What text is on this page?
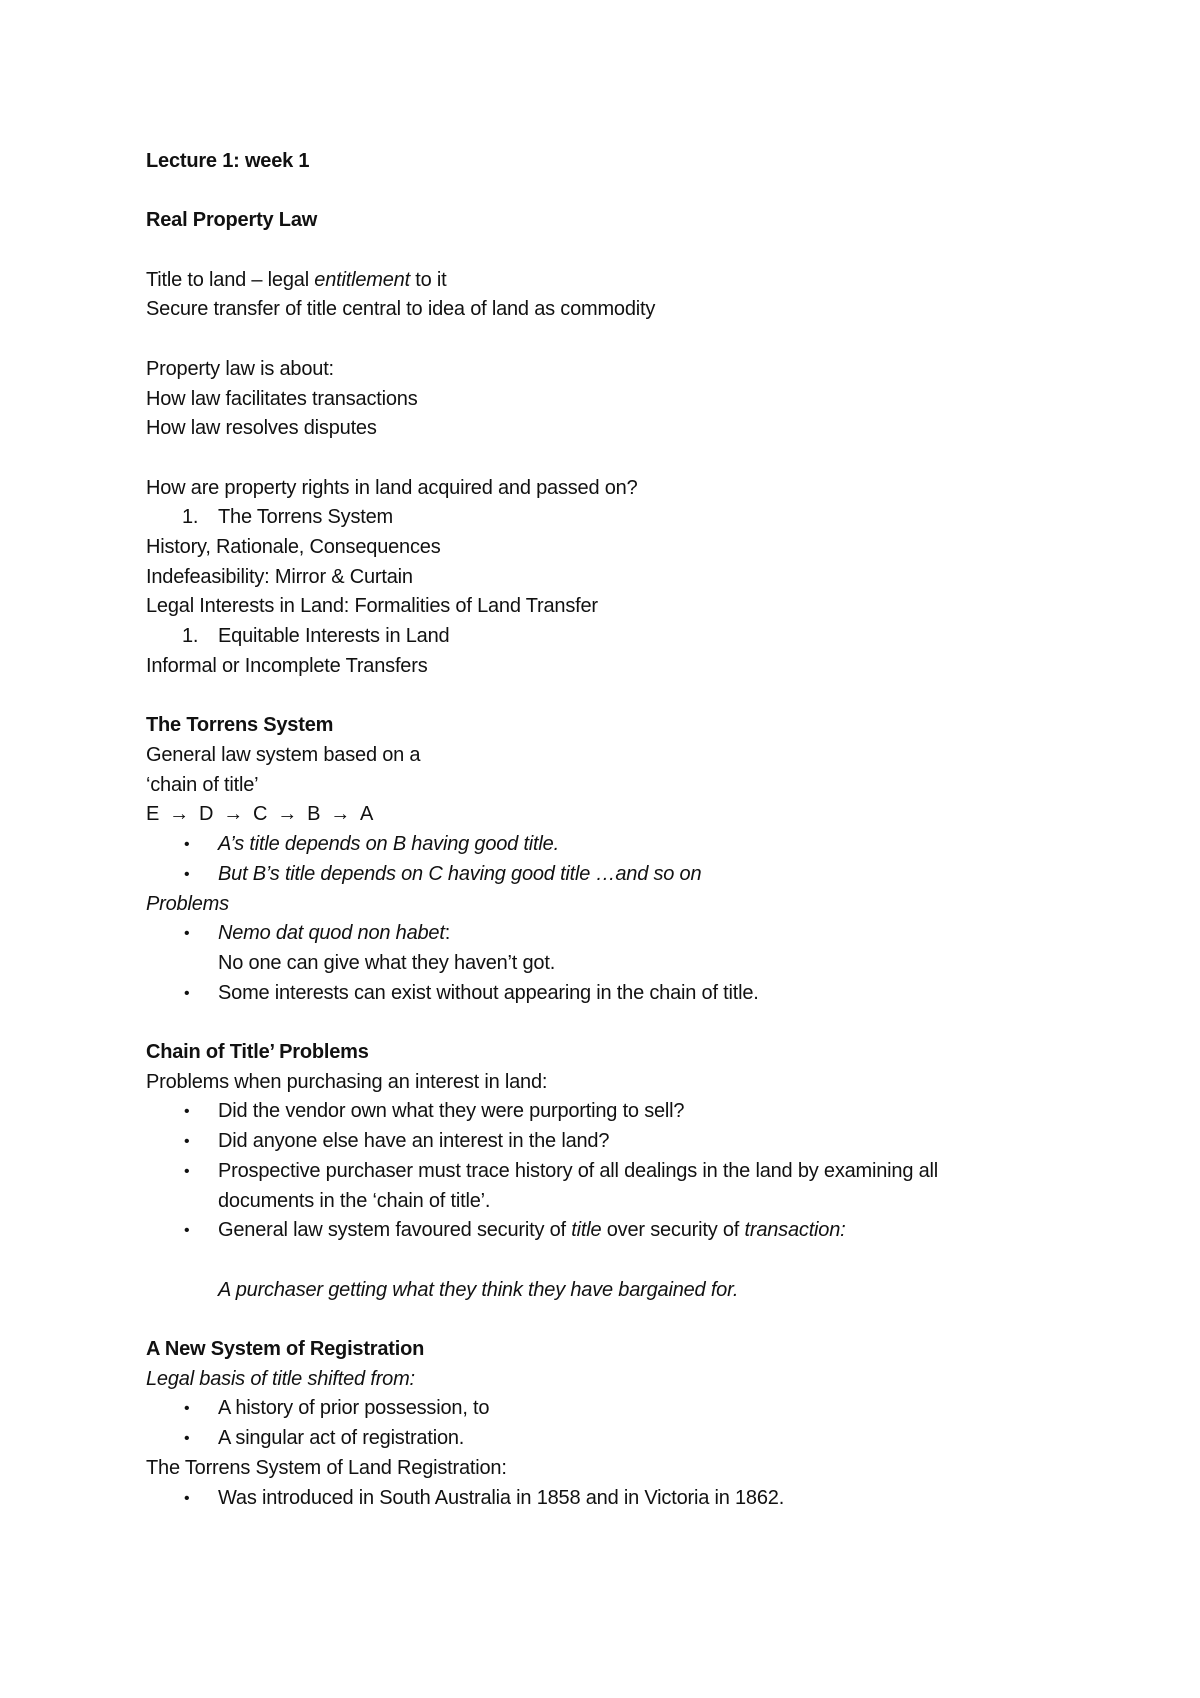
Lecture 1: week 1
Real Property Law
Title to land – legal entitlement to it
Secure transfer of title central to idea of land as commodity
Property law is about:
How law facilitates transactions
How law resolves disputes
How are property rights in land acquired and passed on?
1. The Torrens System
History, Rationale, Consequences
Indefeasibility: Mirror & Curtain
Legal Interests in Land: Formalities of Land Transfer
1. Equitable Interests in Land
Informal or Incomplete Transfers
The Torrens System
General law system based on a
‘chain of title’
E → D → C → B → A
•	A’s title depends on B having good title.
•	But B’s title depends on C having good title …and so on
Problems
•	Nemo dat quod non habet:
No one can give what they haven’t got.
•	Some interests can exist without appearing in the chain of title.
Chain of Title’ Problems
Problems when purchasing an interest in land:
•	Did the vendor own what they were purporting to sell?
•	Did anyone else have an interest in the land?
•	Prospective purchaser must trace history of all dealings in the land by examining all
documents in the ‘chain of title’.
•	General law system favoured security of title over security of transaction:
A purchaser getting what they think they have bargained for.
A New System of Registration
Legal basis of title shifted from:
•	A history of prior possession, to
•	A singular act of registration.
The Torrens System of Land Registration:
•	Was introduced in South Australia in 1858 and in Victoria in 1862.
